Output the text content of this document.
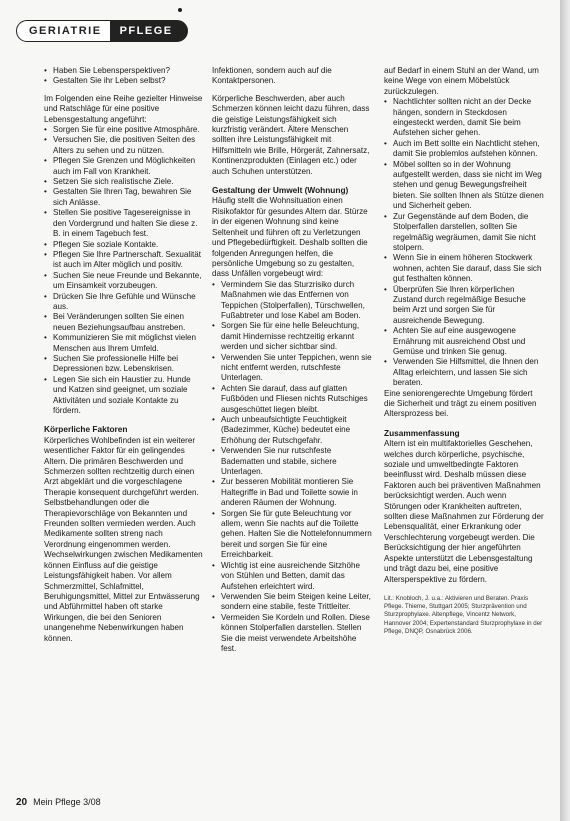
GERIATRIE	PFLEGE
• Haben Sie Lebensperspektiven?
• Gestalten Sie ihr Leben selbst?

Im Folgenden eine Reihe gezielter Hinweise und Ratschläge für eine positive Lebensgestaltung angeführt:

• Sorgen Sie für eine positive Atmosphäre.
• Versuchen Sie, die positiven Seiten des Alters zu sehen und zu nützen.
• Pflegen Sie Grenzen und Möglichkeiten auch im Fall von Krankheit.
• Setzen Sie sich realistische Ziele.
• Gestalten Sie Ihren Tag, bewahren Sie sich Anlässe.
• Stellen Sie positive Tagesereignisse in den Vordergrund und halten Sie diese z. B. in einem Tagebuch fest.
• Pflegen Sie soziale Kontakte.
• Pflegen Sie Ihre Partnerschaft. Sexualität ist auch im Alter möglich und positiv.
• Suchen Sie neue Freunde und Bekannte, um Einsamkeit vorzubeugen.
• Drücken Sie Ihre Gefühle und Wünsche aus.
• Bei Veränderungen sollten Sie einen neuen Beziehungsaufbau anstreben.
• Kommunizieren Sie mit möglichst vielen Menschen aus Ihrem Umfeld.
• Suchen Sie professionelle Hilfe bei Depressionen bzw. Lebenskrisen.
• Legen Sie sich ein Haustier zu. Hunde und Katzen sind geeignet, um soziale Aktivitäten und soziale Kontakte zu fördern.
Körperliche Faktoren

Körperliches Wohlbefinden ist ein weiterer wesentlicher Faktor für ein gelingendes Altern. Die primären Beschwerden und Schmerzen sollten rechtzeitig durch einen Arzt abgeklärt und die vorgeschlagene Therapie konsequent durchgeführt werden. Selbstbehandlungen oder die Therapievorschläge von Bekannten und Freunden sollten vermieden werden. Auch Medikamente sollten streng nach Verordnung eingenommen werden. Wechselwirkungen zwischen Medikamenten können Einfluss auf die geistige Leistungsfähigkeit haben. Vor allem Schmerzmittel, Schlafmittel, Beruhigungsmittel, Mittel zur Entwässerung und Abführmittel haben oft starke Wirkungen, die bei den Senioren unangenehme Nebenwirkungen haben können.

Infektionen, sondern auch auf die Kontaktpersonen.

Körperliche Beschwerden, aber auch Schmerzen können leicht dazu führen, dass die geistige Leistungsfähigkeit sich kurzfristig verändert. Ältere Menschen sollten ihre Leistungsfähigkeit mit Hilfsmitteln wie Brille, Hörgerät, Zahnersatz, Kontinenzprodukten (Einlagen etc.) oder auch Schuhen unterstützen.

Gestaltung der Umwelt (Wohnung)

Häufig stellt die Wohnsituation einen Risikofaktor für gesundes Altern dar. Stürze in der eigenen Wohnung sind keine Seltenheit und führen oft zu Verletzungen und Pflegebedürftigkeit. Deshalb sollten die folgenden Anregungen helfen, die persönliche Umgebung so zu gestalten, dass Unfällen vorgebeugt wird:

• Vermindern Sie das Sturzrisiko durch Maßnahmen wie das Entfernen von Teppichen (Stolperfallen), Türschwellen, Fußabtreter und lose Kabel am Boden.
• Sorgen Sie für eine helle Beleuchtung, damit Hindernisse rechtzeitig erkannt werden und sicher sichtbar sind.
• Verwenden Sie unter Teppichen, wenn sie nicht entfernt werden, rutschfeste Unterlagen.
• Achten Sie darauf, dass auf glatten Fußböden und Fliesen nichts Rutschiges ausgeschüttet liegen bleibt.
• Auch unbeaufsichtigte Feuchtigkeit (Badezimmer, Küche) bedeutet eine Erhöhung der Rutschgefahr.
• Verwenden Sie nur rutschfeste Badematten und stabile, sichere Unterlagen.
• Zur besseren Mobilität montieren Sie Haltegriffe in Bad und Toilette sowie in anderen Räumen der Wohnung.
• Sorgen Sie für gute Beleuchtung vor allem, wenn Sie nachts auf die Toilette gehen. Halten Sie die Nottelefonnummern bereit und sorgen Sie für eine Erreichbarkeit.
• Wichtig ist eine ausreichende Sitzhöhe von Stühlen und Betten, damit das Aufstehen erleichtert wird.
• Verwenden Sie beim Steigen keine Leiter, sondern eine stabile, feste Trittleiter.
• Vermeiden Sie Kordeln und Rollen. Diese können Stolperfallen darstellen. Stellen Sie die meist verwendete Arbeitshöhe fest.

auf Bedarf in einem Stuhl an der Wand, um keine Wege von einem Möbelstück zurückzulegen.

• Nachtlichter sollten nicht an der Decke hängen, sondern in Steckdosen eingesteckt werden, damit Sie beim Aufstehen sicher gehen.
• Auch im Bett sollte ein Nachtlicht stehen, damit Sie problemlos aufstehen können.
• Möbel sollten so in der Wohnung aufgestellt werden, dass sie nicht im Weg stehen und genug Bewegungsfreiheit bieten. Sie sollten Ihnen als Stütze dienen und Sicherheit geben.
• Zur Gegenstände auf dem Boden, die Stolperfallen darstellen, sollten Sie regelmäßig wegräumen, damit Sie nicht stolpern.
• Wenn Sie in einem höheren Stockwerk wohnen, achten Sie darauf, dass Sie sich gut festhalten können.
• Überprüfen Sie Ihren körperlichen Zustand durch regelmäßige Besuche beim Arzt und sorgen Sie für ausreichende Bewegung.
• Achten Sie auf eine ausgewogene Ernährung mit ausreichend Obst und Gemüse und trinken Sie genug.
• Verwenden Sie Hilfsmittel, die Ihnen den Alltag erleichtern, und lassen Sie sich beraten.

Eine seniorengerechte Umgebung fördert die Sicherheit und trägt zu einem positiven Altersprozess bei.

Zusammenfassung

Altern ist ein multifaktorielles Geschehen, welches durch körperliche, psychische, soziale und umweltbedingte Faktoren beeinflusst wird. Deshalb müssen diese Faktoren auch bei präventiven Maßnahmen berücksichtigt werden. Auch wenn Störungen oder Krankheiten auftreten, sollten diese Maßnahmen zur Förderung der Lebensqualität, einer Erkrankung oder Verschlechterung vorgebeugt werden. Die Berücksichtigung der hier angeführten Aspekte unterstützt die Lebensgestaltung und trägt dazu bei, eine positive Altersperspektive zu fördern.

Lit.: Knobloch, J. u.a.: Aktivieren und Beraten. Praxis Pflege. Thieme, Stuttgart 2005; Sturzprävention und Sturzprophylaxe. Altenpflege, Vincentz Network, Hannover 2004; Expertenstandard Sturzprophylaxe in der Pflege, DNQP, Osnabrück 2006.

20 Mein Pflege 3/08
